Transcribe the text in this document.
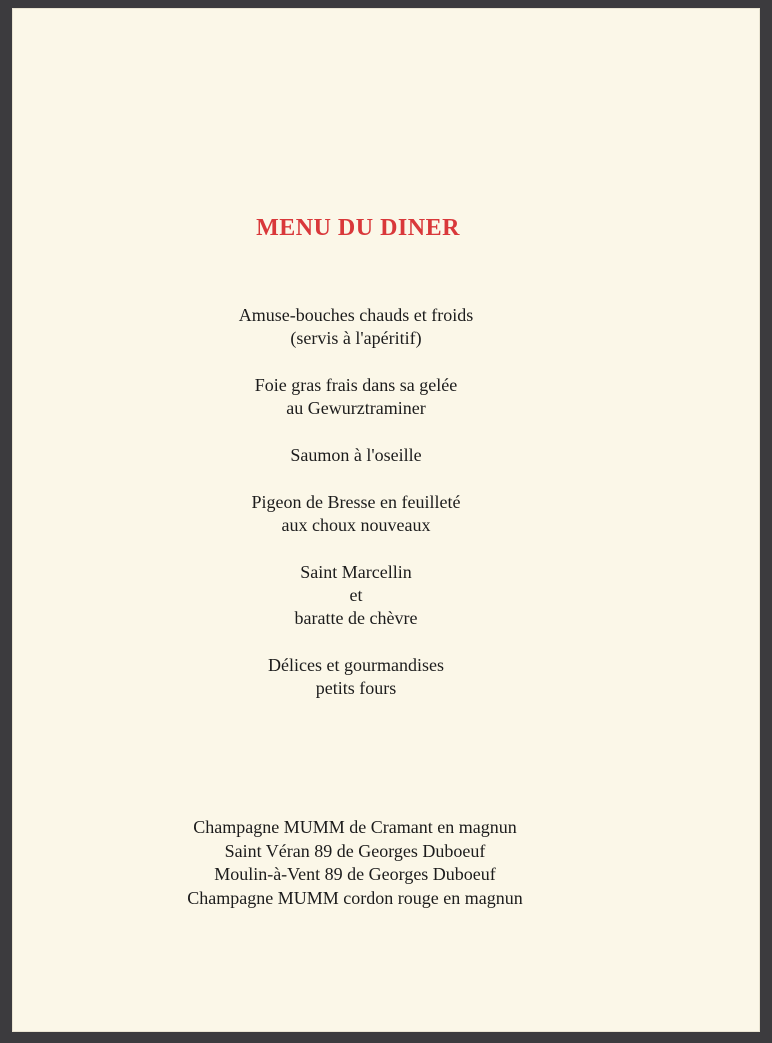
MENU DU DINER
Amuse-bouches chauds et froids
(servis à l'apéritif)
Foie gras frais dans sa gelée
au Gewurztraminer
Saumon à l'oseille
Pigeon de Bresse en feuilleté
aux choux nouveaux
Saint Marcellin
et
baratte de chèvre
Délices et gourmandises
petits fours
Champagne MUMM de Cramant en magnun
Saint Véran 89 de Georges Duboeuf
Moulin-à-Vent 89 de Georges Duboeuf
Champagne MUMM cordon rouge en magnun
